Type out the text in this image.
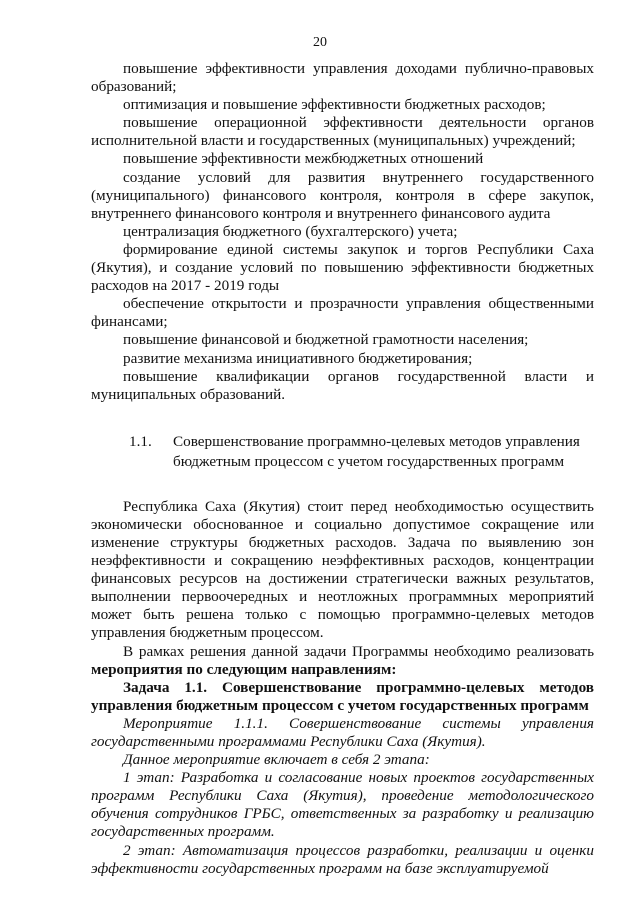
20

повышение эффективности управления доходами публично-правовых образований;

оптимизация и повышение эффективности бюджетных расходов;

повышение операционной эффективности деятельности органов исполнительной власти и государственных (муниципальных) учреждений;

повышение эффективности межбюджетных отношений

создание условий для развития внутреннего государственного (муниципального) финансового контроля, контроля в сфере закупок, внутреннего финансового контроля и внутреннего финансового аудита

централизация бюджетного (бухгалтерского) учета;

формирование единой системы закупок и торгов Республики Саха (Якутия), и создание условий по повышению эффективности бюджетных расходов на 2017 - 2019 годы

обеспечение открытости и прозрачности управления общественными финансами;

повышение финансовой и бюджетной грамотности населения;

развитие механизма инициативного бюджетирования;

повышение квалификации органов государственной власти и муниципальных образований.

1.1.	Совершенствование программно-целевых методов управления
бюджетным процессом с учетом государственных программ

Республика Саха (Якутия) стоит перед необходимостью осуществить экономически обоснованное и социально допустимое сокращение или изменение структуры бюджетных расходов. Задача по выявлению зон неэффективности и сокращению неэффективных расходов, концентрации финансовых ресурсов на достижении стратегически важных результатов, выполнении первоочередных и неотложных программных мероприятий может быть решена только с помощью программно-целевых методов управления бюджетным процессом.

В рамках решения данной задачи Программы необходимо реализовать мероприятия по следующим направлениям:

Задача 1.1. Совершенствование программно-целевых методов управления бюджетным процессом с учетом государственных программ

Мероприятие 1.1.1. Совершенствование системы управления государственными программами Республики Саха (Якутия).

Данное мероприятие включает в себя 2 этапа:

1 этап: Разработка и согласование новых проектов государственных программ Республики Саха (Якутия), проведение методологического обучения сотрудников ГРБС, ответственных за разработку и реализацию государственных программ.

2 этап: Автоматизация процессов разработки, реализации и оценки эффективности государственных программ на базе эксплуатируемой
